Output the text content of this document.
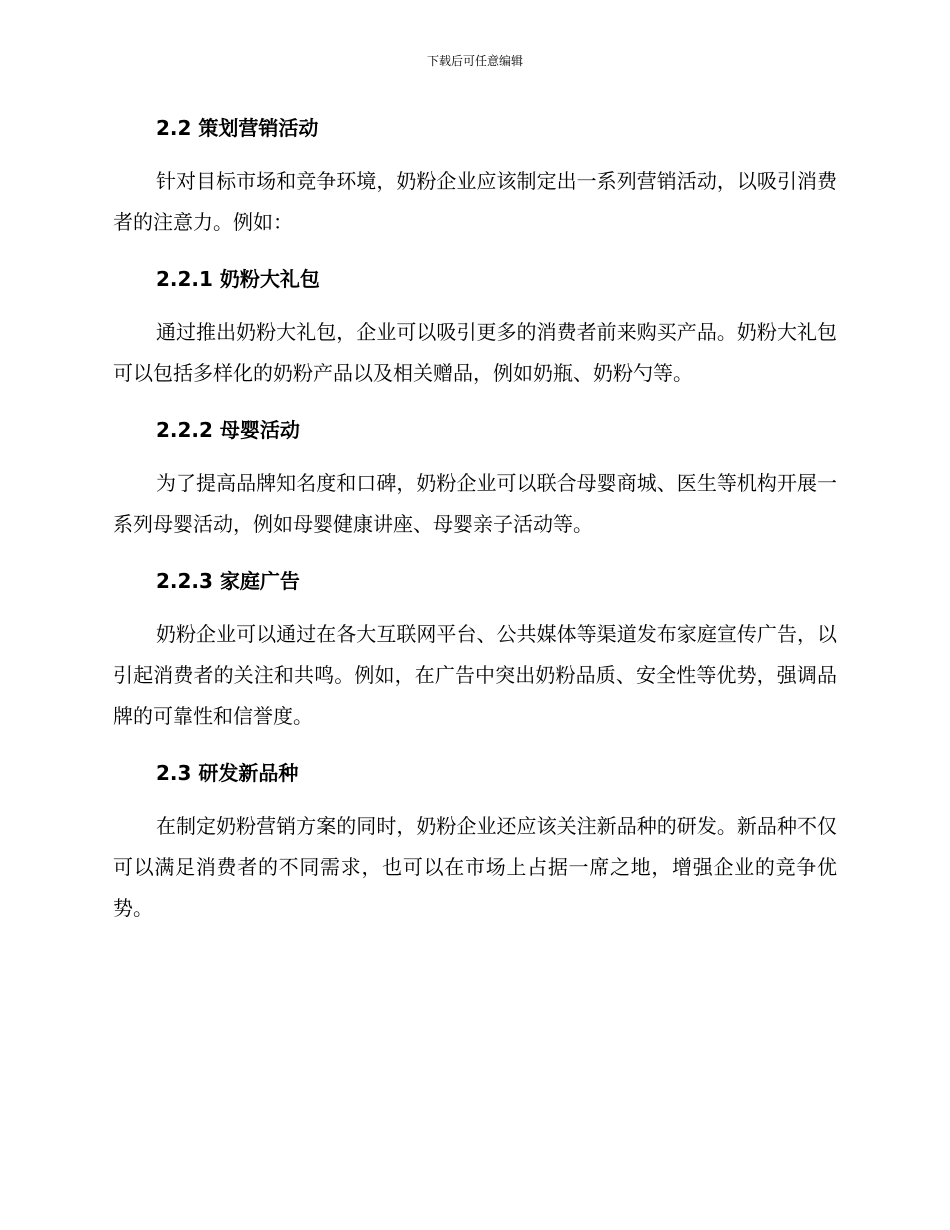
下载后可任意编辑
2.2 策划营销活动

针对目标市场和竞争环境，奶粉企业应该制定出一系列营销活动，以吸引消费者的注意力。例如：

2.2.1 奶粉大礼包

通过推出奶粉大礼包，企业可以吸引更多的消费者前来购买产品。奶粉大礼包可以包括多样化的奶粉产品以及相关赠品，例如奶瓶、奶粉勺等。

2.2.2 母婴活动

为了提高品牌知名度和口碑，奶粉企业可以联合母婴商城、医生等机构开展一系列母婴活动，例如母婴健康讲座、母婴亲子活动等。

2.2.3 家庭广告

奶粉企业可以通过在各大互联网平台、公共媒体等渠道发布家庭宣传广告，以引起消费者的关注和共鸣。例如，在广告中突出奶粉品质、安全性等优势，强调品牌的可靠性和信誉度。

2.3 研发新品种

在制定奶粉营销方案的同时，奶粉企业还应该关注新品种的研发。新品种不仅可以满足消费者的不同需求，也可以在市场上占据一席之地，增强企业的竞争优势。
